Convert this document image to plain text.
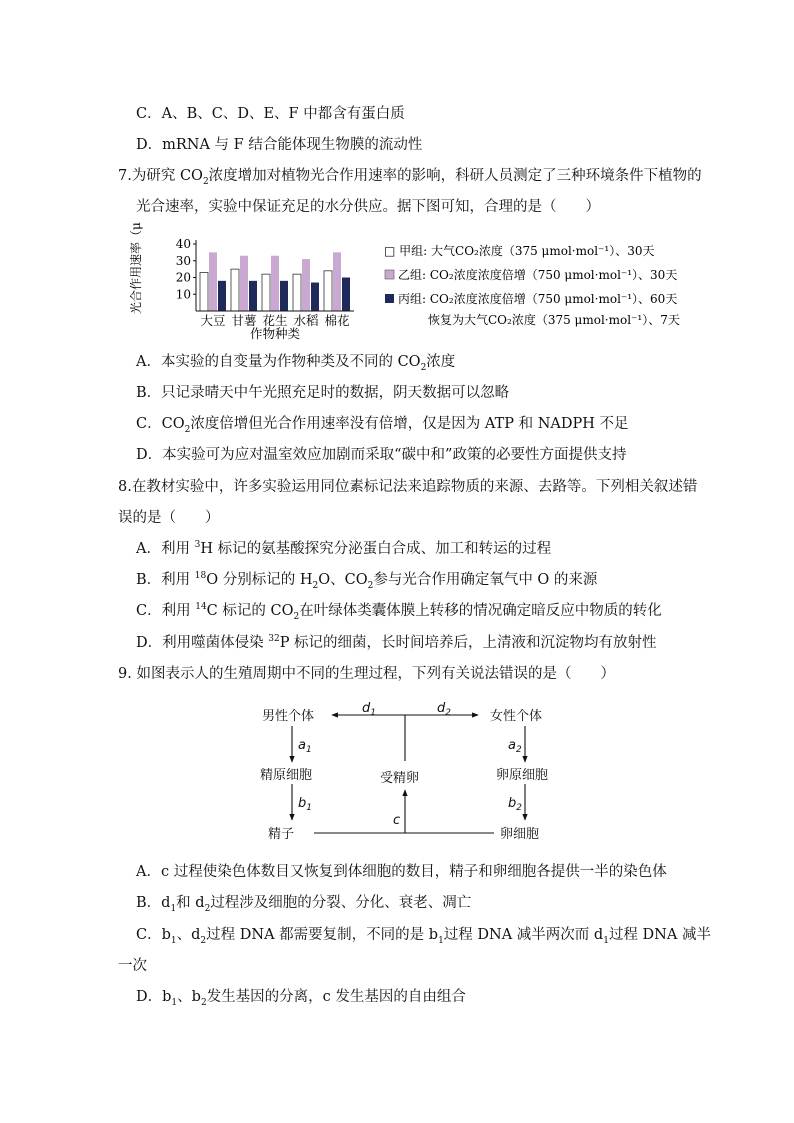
C．A、B、C、D、E、F 中都含有蛋白质
D．mRNA 与 F 结合能体现生物膜的流动性
7.为研究 $CO_2$浓度增加对植物光合作用速率的影响，科研人员测定了三种环境条件下植物的
光合速率，实验中保证充足的水分供应。据下图可知，合理的是（　　）
光合作用速率（μmol·m⁻²·s⁻¹）	10
20
30
40
大豆 甘薯 花生 水稻 棉花
作物种类
□ 甲组: 大气CO₂浓度（375 μmol·mol⁻¹）、30天
乙组: CO₂浓度浓度倍增（750 μmol·mol⁻¹）、30天
丙组: CO₂浓度浓度倍增（750 μmol·mol⁻¹）、60天
恢复为大气CO₂浓度（375 μmol·mol⁻¹）、7天
A．本实验的自变量为作物种类及不同的 $CO_2$浓度
B．只记录晴天中午光照充足时的数据，阴天数据可以忽略
C．$CO_2$浓度倍增但光合作用速率没有倍增，仅是因为 ATP 和 NADPH 不足
D．本实验可为应对温室效应加剧而采取“碳中和”政策的必要性方面提供支持
8.在教材实验中，许多实验运用同位素标记法来追踪物质的来源、去路等。下列相关叙述错
误的是（　　）
A．利用 $^3$H 标记的氨基酸探究分泌蛋白合成、加工和转运的过程
B．利用 $^{18}$O 分别标记的 $H_2O$、$CO_2$参与光合作用确定氧气中 O 的来源
C．利用 $^{14}$C 标记的 $CO_2$在叶绿体类囊体膜上转移的情况确定暗反应中物质的转化
D．利用噬菌体侵染 $^{32}$P 标记的细菌，长时间培养后，上清液和沉淀物均有放射性
9. 如图表示人的生殖周期中不同的生理过程，下列有关说法错误的是（　　）
男性个体	女性个体
精原细胞	卵原细胞
受精卵
精子	卵细胞
$d_1$	$d_2$
$a_1$	$a_2$
$b_1$	$b_2$
c
A．c 过程使染色体数目又恢复到体细胞的数目，精子和卵细胞各提供一半的染色体
B．$d_1$和 $d_2$过程涉及细胞的分裂、分化、衰老、凋亡
C．$b_1$、$d_2$过程 DNA 都需要复制，不同的是 $b_1$过程 DNA 减半两次而 $d_1$过程 DNA 减半
一次
D．$b_1$、$b_2$发生基因的分离，c 发生基因的自由组合
